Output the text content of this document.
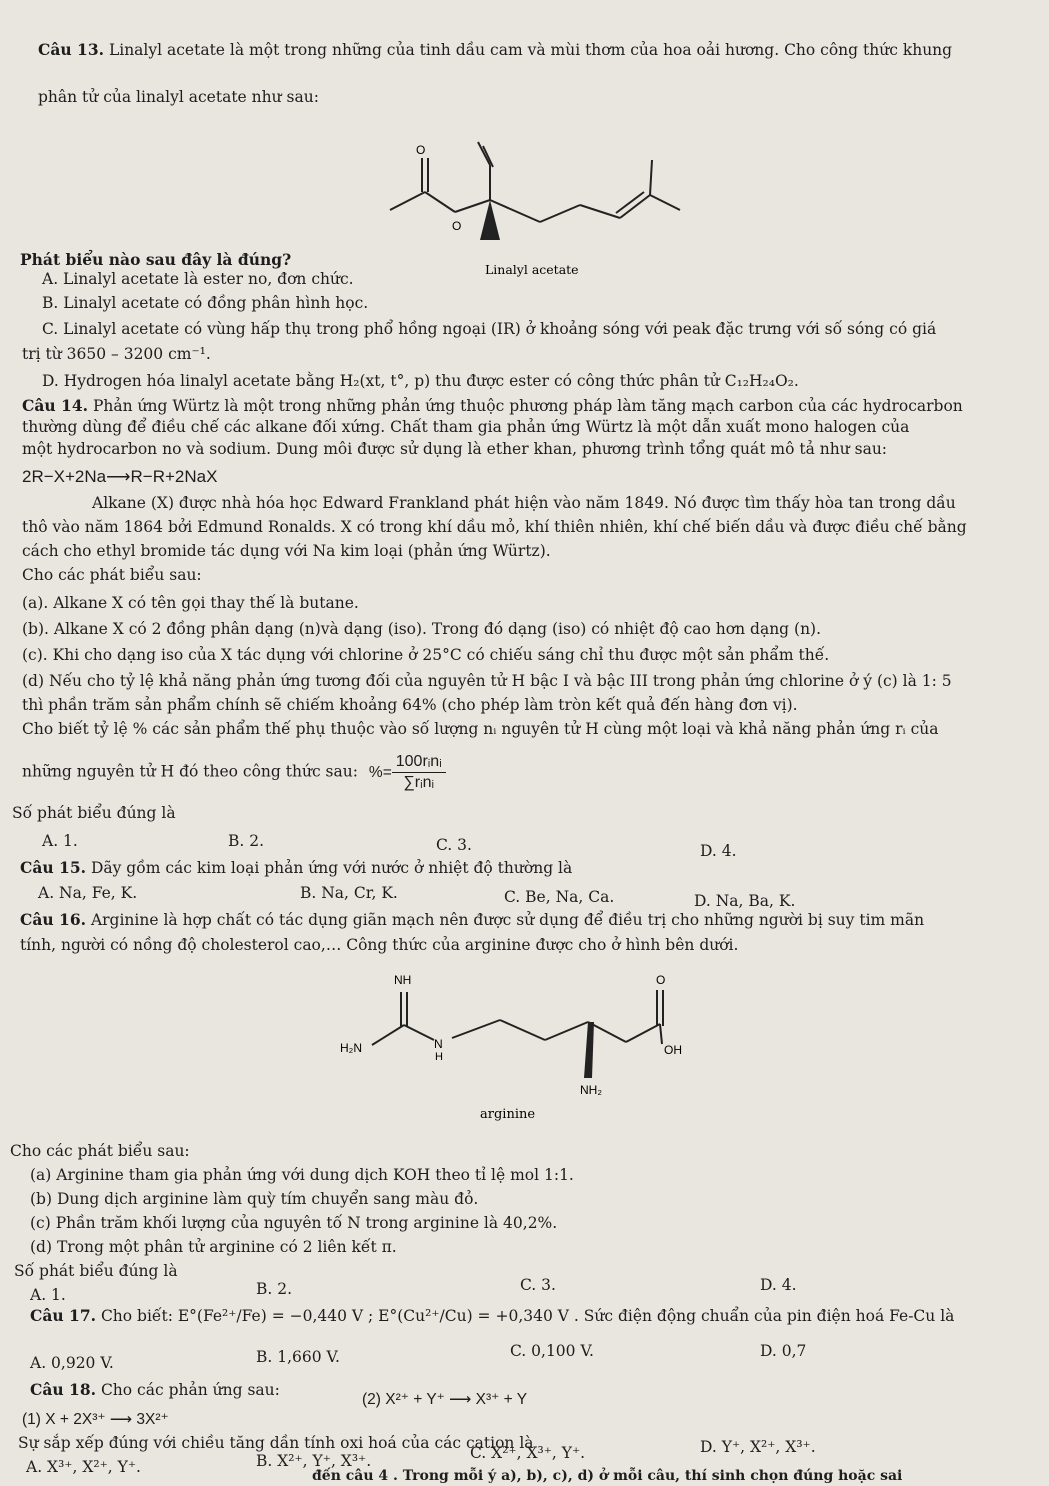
Câu 13. Linalyl acetate là một trong những của tinh dầu cam và mùi thơm của hoa oải hương. Cho công thức khung
phân tử của linalyl acetate như sau:
O
O
Linalyl acetate
Phát biểu nào sau đây là đúng?
A. Linalyl acetate là ester no, đơn chức.
B. Linalyl acetate có đồng phân hình học.
C. Linalyl acetate có vùng hấp thụ trong phổ hồng ngoại (IR) ở khoảng sóng với peak đặc trưng với số sóng có giá
trị từ 3650 – 3200 cm⁻¹.
D. Hydrogen hóa linalyl acetate bằng H₂(xt, t°, p) thu được ester có công thức phân tử C₁₂H₂₄O₂.
Câu 14. Phản ứng Würtz là một trong những phản ứng thuộc phương pháp làm tăng mạch carbon của các hydrocarbon
thường dùng để điều chế các alkane đối xứng. Chất tham gia phản ứng Würtz là một dẫn xuất mono halogen của
một hydrocarbon no và sodium. Dung môi được sử dụng là ether khan, phương trình tổng quát mô tả như sau:
2R−X+2Na⟶R−R+2NaX
Alkane (X) được nhà hóa học Edward Frankland phát hiện vào năm 1849. Nó được tìm thấy hòa tan trong dầu
thô vào năm 1864 bởi Edmund Ronalds. X có trong khí dầu mỏ, khí thiên nhiên, khí chế biến dầu và được điều chế bằng
cách cho ethyl bromide tác dụng với Na kim loại (phản ứng Würtz).
Cho các phát biểu sau:
(a). Alkane X có tên gọi thay thế là butane.
(b). Alkane X có 2 đồng phân dạng (n)và dạng (iso). Trong đó dạng (iso) có nhiệt độ cao hơn dạng (n).
(c). Khi cho dạng iso của X tác dụng với chlorine ở 25°C có chiếu sáng chỉ thu được một sản phẩm thế.
(d) Nếu cho tỷ lệ khả năng phản ứng tương đối của nguyên tử H bậc I và bậc III trong phản ứng chlorine ở ý (c) là 1: 5
thì phần trăm sản phẩm chính sẽ chiếm khoảng 64% (cho phép làm tròn kết quả đến hàng đơn vị).
Cho biết tỷ lệ % các sản phẩm thế phụ thuộc vào số lượng nᵢ nguyên tử H cùng một loại và khả năng phản ứng rᵢ của
những nguyên tử H đó theo công thức sau: %= $\frac{\text{100rᵢnᵢ}}{\text{∑rᵢnᵢ}}$
Số phát biểu đúng là
A. 1.	B. 2.	C. 3.	D. 4.
Câu 15. Dãy gồm các kim loại phản ứng với nước ở nhiệt độ thường là
A. Na, Fe, K.	B. Na, Cr, K.	C. Be, Na, Ca.	D. Na, Ba, K.
Câu 16. Arginine là hợp chất có tác dụng giãn mạch nên được sử dụng để điều trị cho những người bị suy tim mãn
tính, người có nồng độ cholesterol cao,… Công thức của arginine được cho ở hình bên dưới.
NH
H₂N	N
H
O
OH
NH₂
arginine
Cho các phát biểu sau:
(a) Arginine tham gia phản ứng với dung dịch KOH theo tỉ lệ mol 1:1.
(b) Dung dịch arginine làm quỳ tím chuyển sang màu đỏ.
(c) Phần trăm khối lượng của nguyên tố N trong arginine là 40,2%.
(d) Trong một phân tử arginine có 2 liên kết π.
Số phát biểu đúng là
A. 1.	B. 2.	C. 3.	D. 4.
Câu 17. Cho biết: E°(Fe²⁺/Fe) = −0,440 V ; E°(Cu²⁺/Cu) = +0,340 V . Sức điện động chuẩn của pin điện hoá Fe-Cu là
A. 0,920 V.	B. 1,660 V.	C. 0,100 V.	D. 0,7
Câu 18. Cho các phản ứng sau:
(1) X + 2X³⁺ ⟶ 3X²⁺
(2) X²⁺ + Y⁺ ⟶ X³⁺ + Y
Sự sắp xếp đúng với chiều tăng dần tính oxi hoá của các cation là
A. X³⁺, X²⁺, Y⁺.	B. X²⁺, Y⁺, X³⁺.	C. X²⁺, X³⁺, Y⁺.	D. Y⁺, X²⁺, X³⁺.
đến câu 4 . Trong mỗi ý a), b), c), d) ở mỗi câu, thí sinh chọn đúng hoặc sai
